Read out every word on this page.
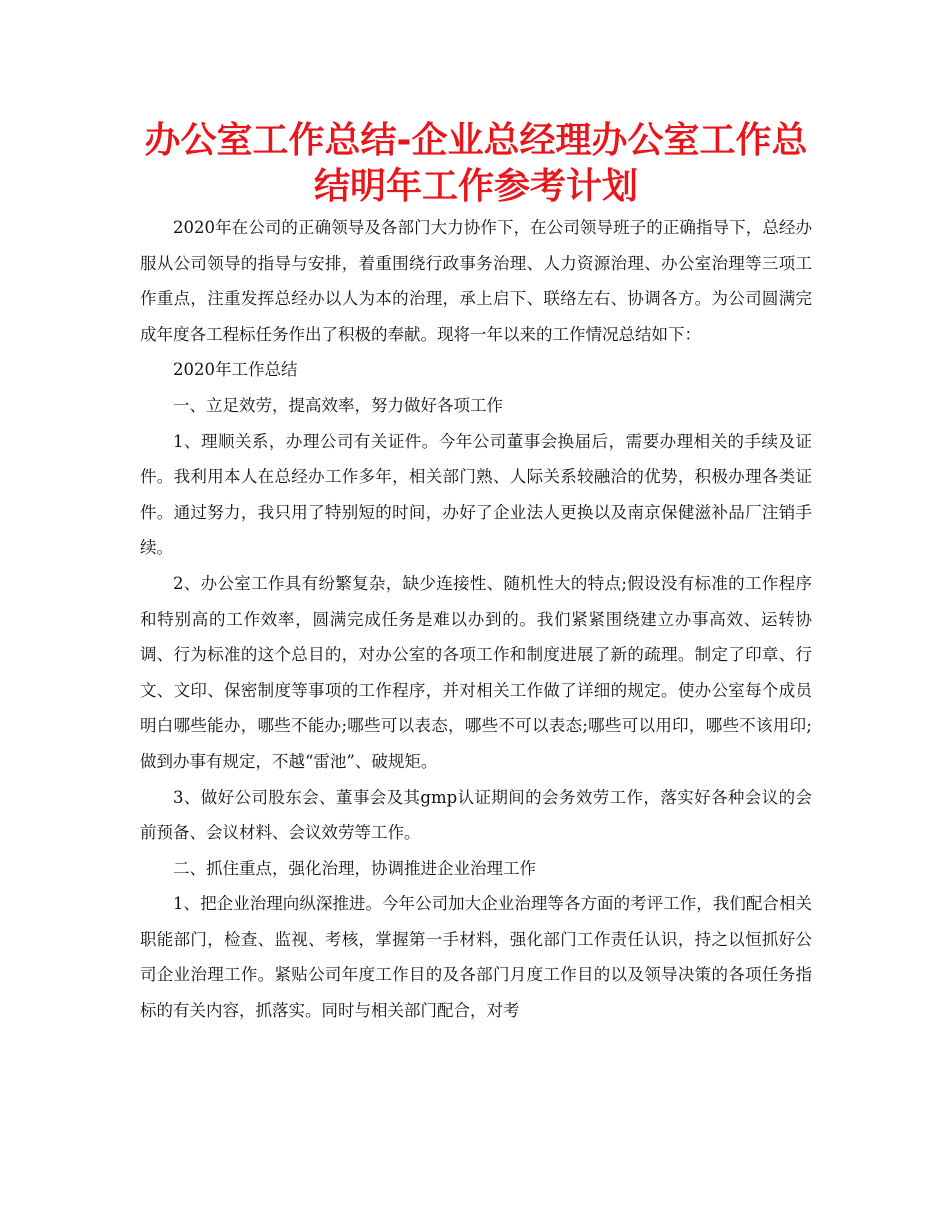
办公室工作总结-企业总经理办公室工作总结明年工作参考计划

2020年在公司的正确领导及各部门大力协作下，在公司领导班子的正确指导下，总经办服从公司领导的指导与安排，着重围绕行政事务治理、人力资源治理、办公室治理等三项工作重点，注重发挥总经办以人为本的治理，承上启下、联络左右、协调各方。为公司圆满完成年度各工程标任务作出了积极的奉献。现将一年以来的工作情况总结如下：

2020年工作总结

一、立足效劳，提高效率，努力做好各项工作

1、理顺关系，办理公司有关证件。今年公司董事会换届后，需要办理相关的手续及证件。我利用本人在总经办工作多年，相关部门熟、人际关系较融洽的优势，积极办理各类证件。通过努力，我只用了特别短的时间，办好了企业法人更换以及南京保健滋补品厂注销手续。

2、办公室工作具有纷繁复杂，缺少连接性、随机性大的特点;假设没有标准的工作程序和特别高的工作效率，圆满完成任务是难以办到的。我们紧紧围绕建立办事高效、运转协调、行为标准的这个总目的，对办公室的各项工作和制度进展了新的疏理。制定了印章、行文、文印、保密制度等事项的工作程序，并对相关工作做了详细的规定。使办公室每个成员明白哪些能办，哪些不能办;哪些可以表态，哪些不可以表态;哪些可以用印，哪些不该用印;做到办事有规定，不越“雷池”、破规矩。

3、做好公司股东会、董事会及其gmp认证期间的会务效劳工作，落实好各种会议的会前预备、会议材料、会议效劳等工作。

二、抓住重点，强化治理，协调推进企业治理工作

1、把企业治理向纵深推进。今年公司加大企业治理等各方面的考评工作，我们配合相关职能部门，检查、监视、考核，掌握第一手材料，强化部门工作责任认识，持之以恒抓好公司企业治理工作。紧贴公司年度工作目的及各部门月度工作目的以及领导决策的各项任务指标的有关内容，抓落实。同时与相关部门配合，对考
